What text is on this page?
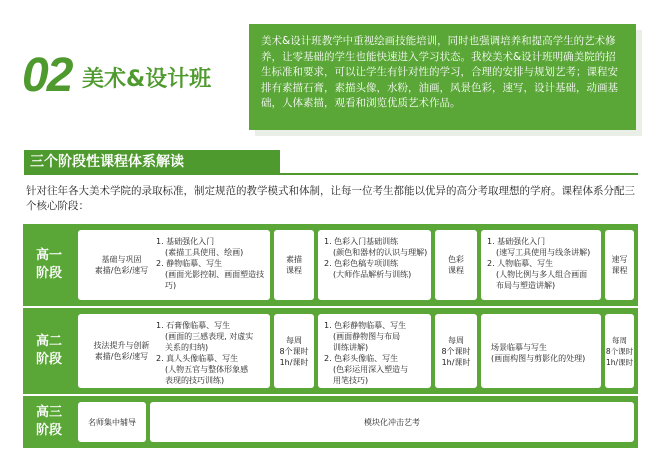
02 美术&设计班
美术&设计班教学中重视绘画技能培训，同时也强调培养和提高学生的艺术修养，让零基础的学生也能快速进入学习状态。我校美术&设计班明确美院的招生标准和要求，可以让学生有针对性的学习，合理的安排与规划艺考；课程安排有素描石膏，素描头像，水粉，油画，风景色彩，速写，设计基础，动画基础，人体素描，观看和浏览优质艺术作品。
三个阶段性课程体系解读
针对往年各大美术学院的录取标准，制定规范的教学模式和体制，让每一位考生都能以优异的高分考取理想的学府。课程体系分配三个核心阶段：
高一阶段
基础与巩固
素描/色彩/速写
1. 基础强化入门
(素描工具使用、绘画)
2. 静物临摹、写生
(画面光影控制、画面塑造技巧)
素描
课程
1. 色彩入门基础训练
(颜色和器材的认识与理解)
2. 色彩色稿专项训练
(大师作品解析与训练)
色彩
课程
1. 基础强化入门
(速写工具使用与线条讲解)
2. 人物临摹、写生
(人物比例与多人组合画面
布局与塑造讲解)
速写
课程
高二阶段
技法提升与创新
素描/色彩/速写
1. 石膏像临摹、写生
(画面的三感表现, 对虚实
关系的归纳)
2. 真人头像临摹、写生
(人物五官与整体形象感
表现的技巧训练)
每周
8个课时
1h/课时
1. 色彩静物临摹、写生
(画面静物图与布局
训练讲解)
2. 色彩头像临、写生
(色彩运用深入塑造与
用笔技巧)
每周
8个课时
1h/课时
场景临摹与写生
(画面构图与剪影化的处理)
每周
8个课时
1h/课时
高三阶段
名师集中辅导	模块化冲击艺考
